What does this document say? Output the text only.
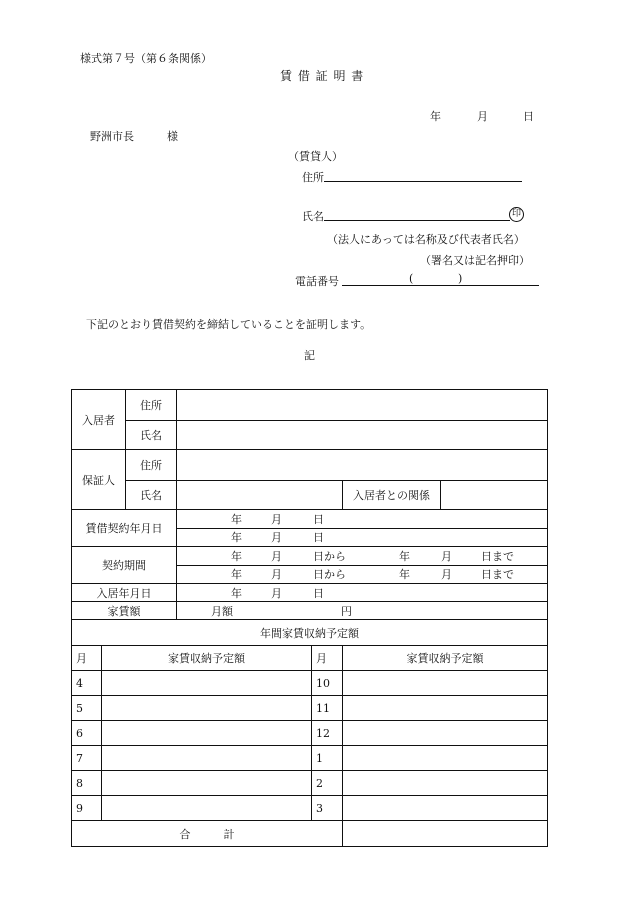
様式第７号（第６条関係）
賃 借 証 明 書
年	月	日
野洲市長	様
（賃貸人）
住所
氏名	印
（法人にあっては名称及び代表者氏名）
（署名又は記名押印）
電話番号	(	)
下記のとおり賃借契約を締結していることを証明します。
記
入居者		住所				
		氏名				
保証人		住所				
		氏名			入居者との関係	
賃借契約年月日			年 月 日			
			年 月 日			
契約期間			年 月 日から 年 月 日まで			
			年 月 日から 年 月 日まで			
入居年月日			年 月 日			
家賃額			月額 円			
年間家賃収納予定額						
月	家賃収納予定額			月	家賃収納予定額	
4				10		
5				11		
6				12		
7				1		
8				2		
9				3		
合　　　計						
